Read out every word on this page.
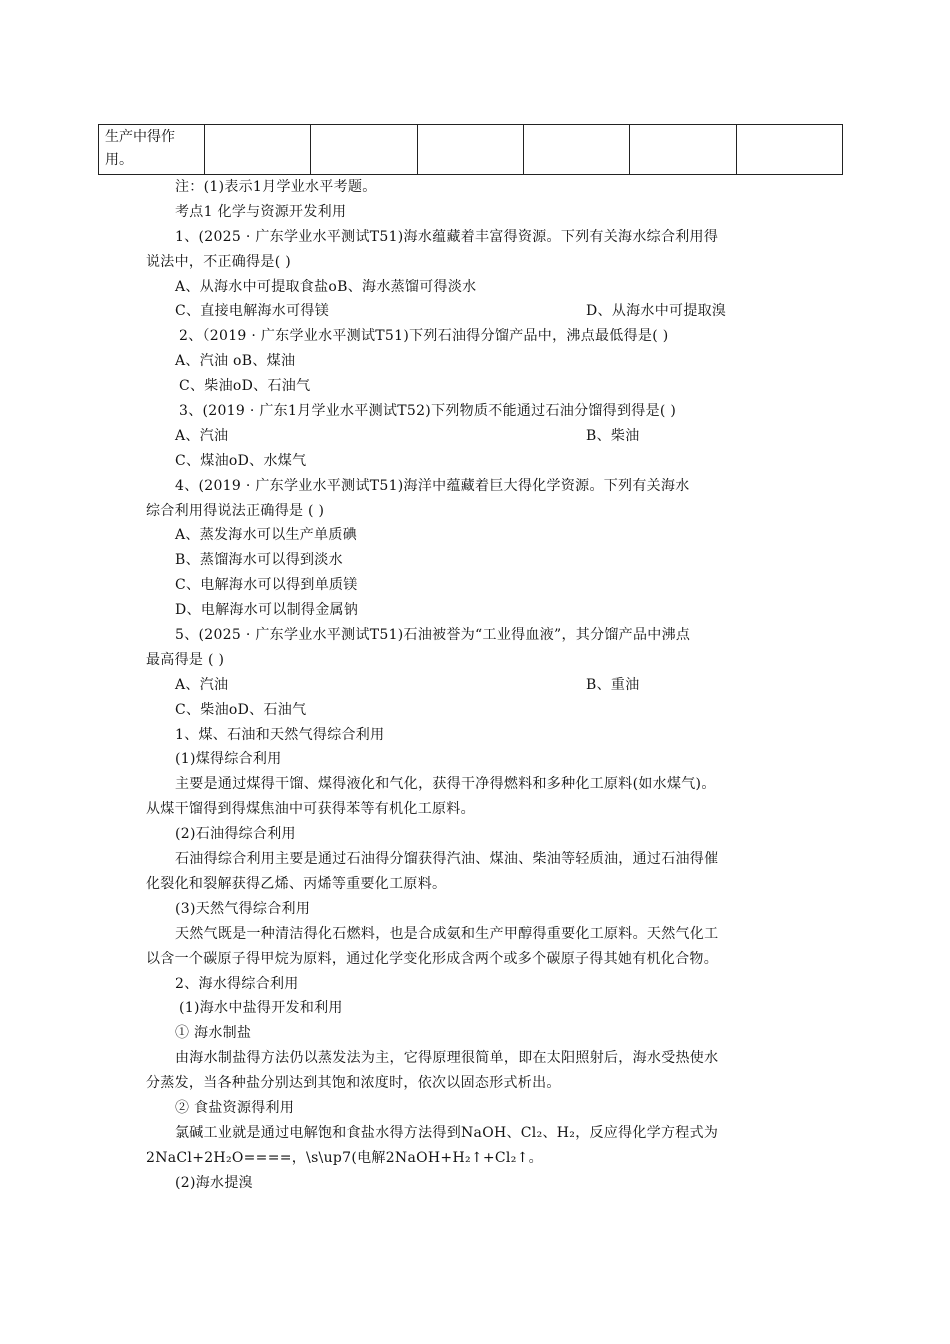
生产中得作用。						
注：(1)表示1月学业水平考题。
考点1 化学与资源开发利用
1、(2025 · 广东学业水平测试T51)海水蕴藏着丰富得资源。下列有关海水综合利用得
说法中，不正确得是( )
A、从海水中可提取食盐oB、海水蒸馏可得淡水
C、直接电解海水可得镁	D、从海水中可提取溴
2、（2019 · 广东学业水平测试T51)下列石油得分馏产品中，沸点最低得是( )
A、汽油 oB、煤油
C、柴油oD、石油气
3、(2019 · 广东1月学业水平测试T52)下列物质不能通过石油分馏得到得是( )
A、汽油	B、柴油
C、煤油oD、水煤气
4、(2019 · 广东学业水平测试T51)海洋中蕴藏着巨大得化学资源。下列有关海水
综合利用得说法正确得是 ( )
A、蒸发海水可以生产单质碘
B、蒸馏海水可以得到淡水
C、电解海水可以得到单质镁
D、电解海水可以制得金属钠
5、(2025 · 广东学业水平测试T51)石油被誉为“工业得血液”，其分馏产品中沸点
最高得是 ( )
A、汽油	B、重油
C、柴油oD、石油气
1、煤、石油和天然气得综合利用
(1)煤得综合利用
主要是通过煤得干馏、煤得液化和气化，获得干净得燃料和多种化工原料(如水煤气)。
从煤干馏得到得煤焦油中可获得苯等有机化工原料。
(2)石油得综合利用
石油得综合利用主要是通过石油得分馏获得汽油、煤油、柴油等轻质油，通过石油得催
化裂化和裂解获得乙烯、丙烯等重要化工原料。
(3)天然气得综合利用
天然气既是一种清洁得化石燃料，也是合成氨和生产甲醇得重要化工原料。天然气化工
以含一个碳原子得甲烷为原料，通过化学变化形成含两个或多个碳原子得其她有机化合物。
2、海水得综合利用
(1)海水中盐得开发和利用
① 海水制盐
由海水制盐得方法仍以蒸发法为主，它得原理很简单，即在太阳照射后，海水受热使水
分蒸发，当各种盐分别达到其饱和浓度时，依次以固态形式析出。
② 食盐资源得利用
氯碱工业就是通过电解饱和食盐水得方法得到NaOH、Cl₂、H₂，反应得化学方程式为
2NaCl+2H₂O====，\s\up7(电解2NaOH+H₂↑+Cl₂↑。
(2)海水提溴
